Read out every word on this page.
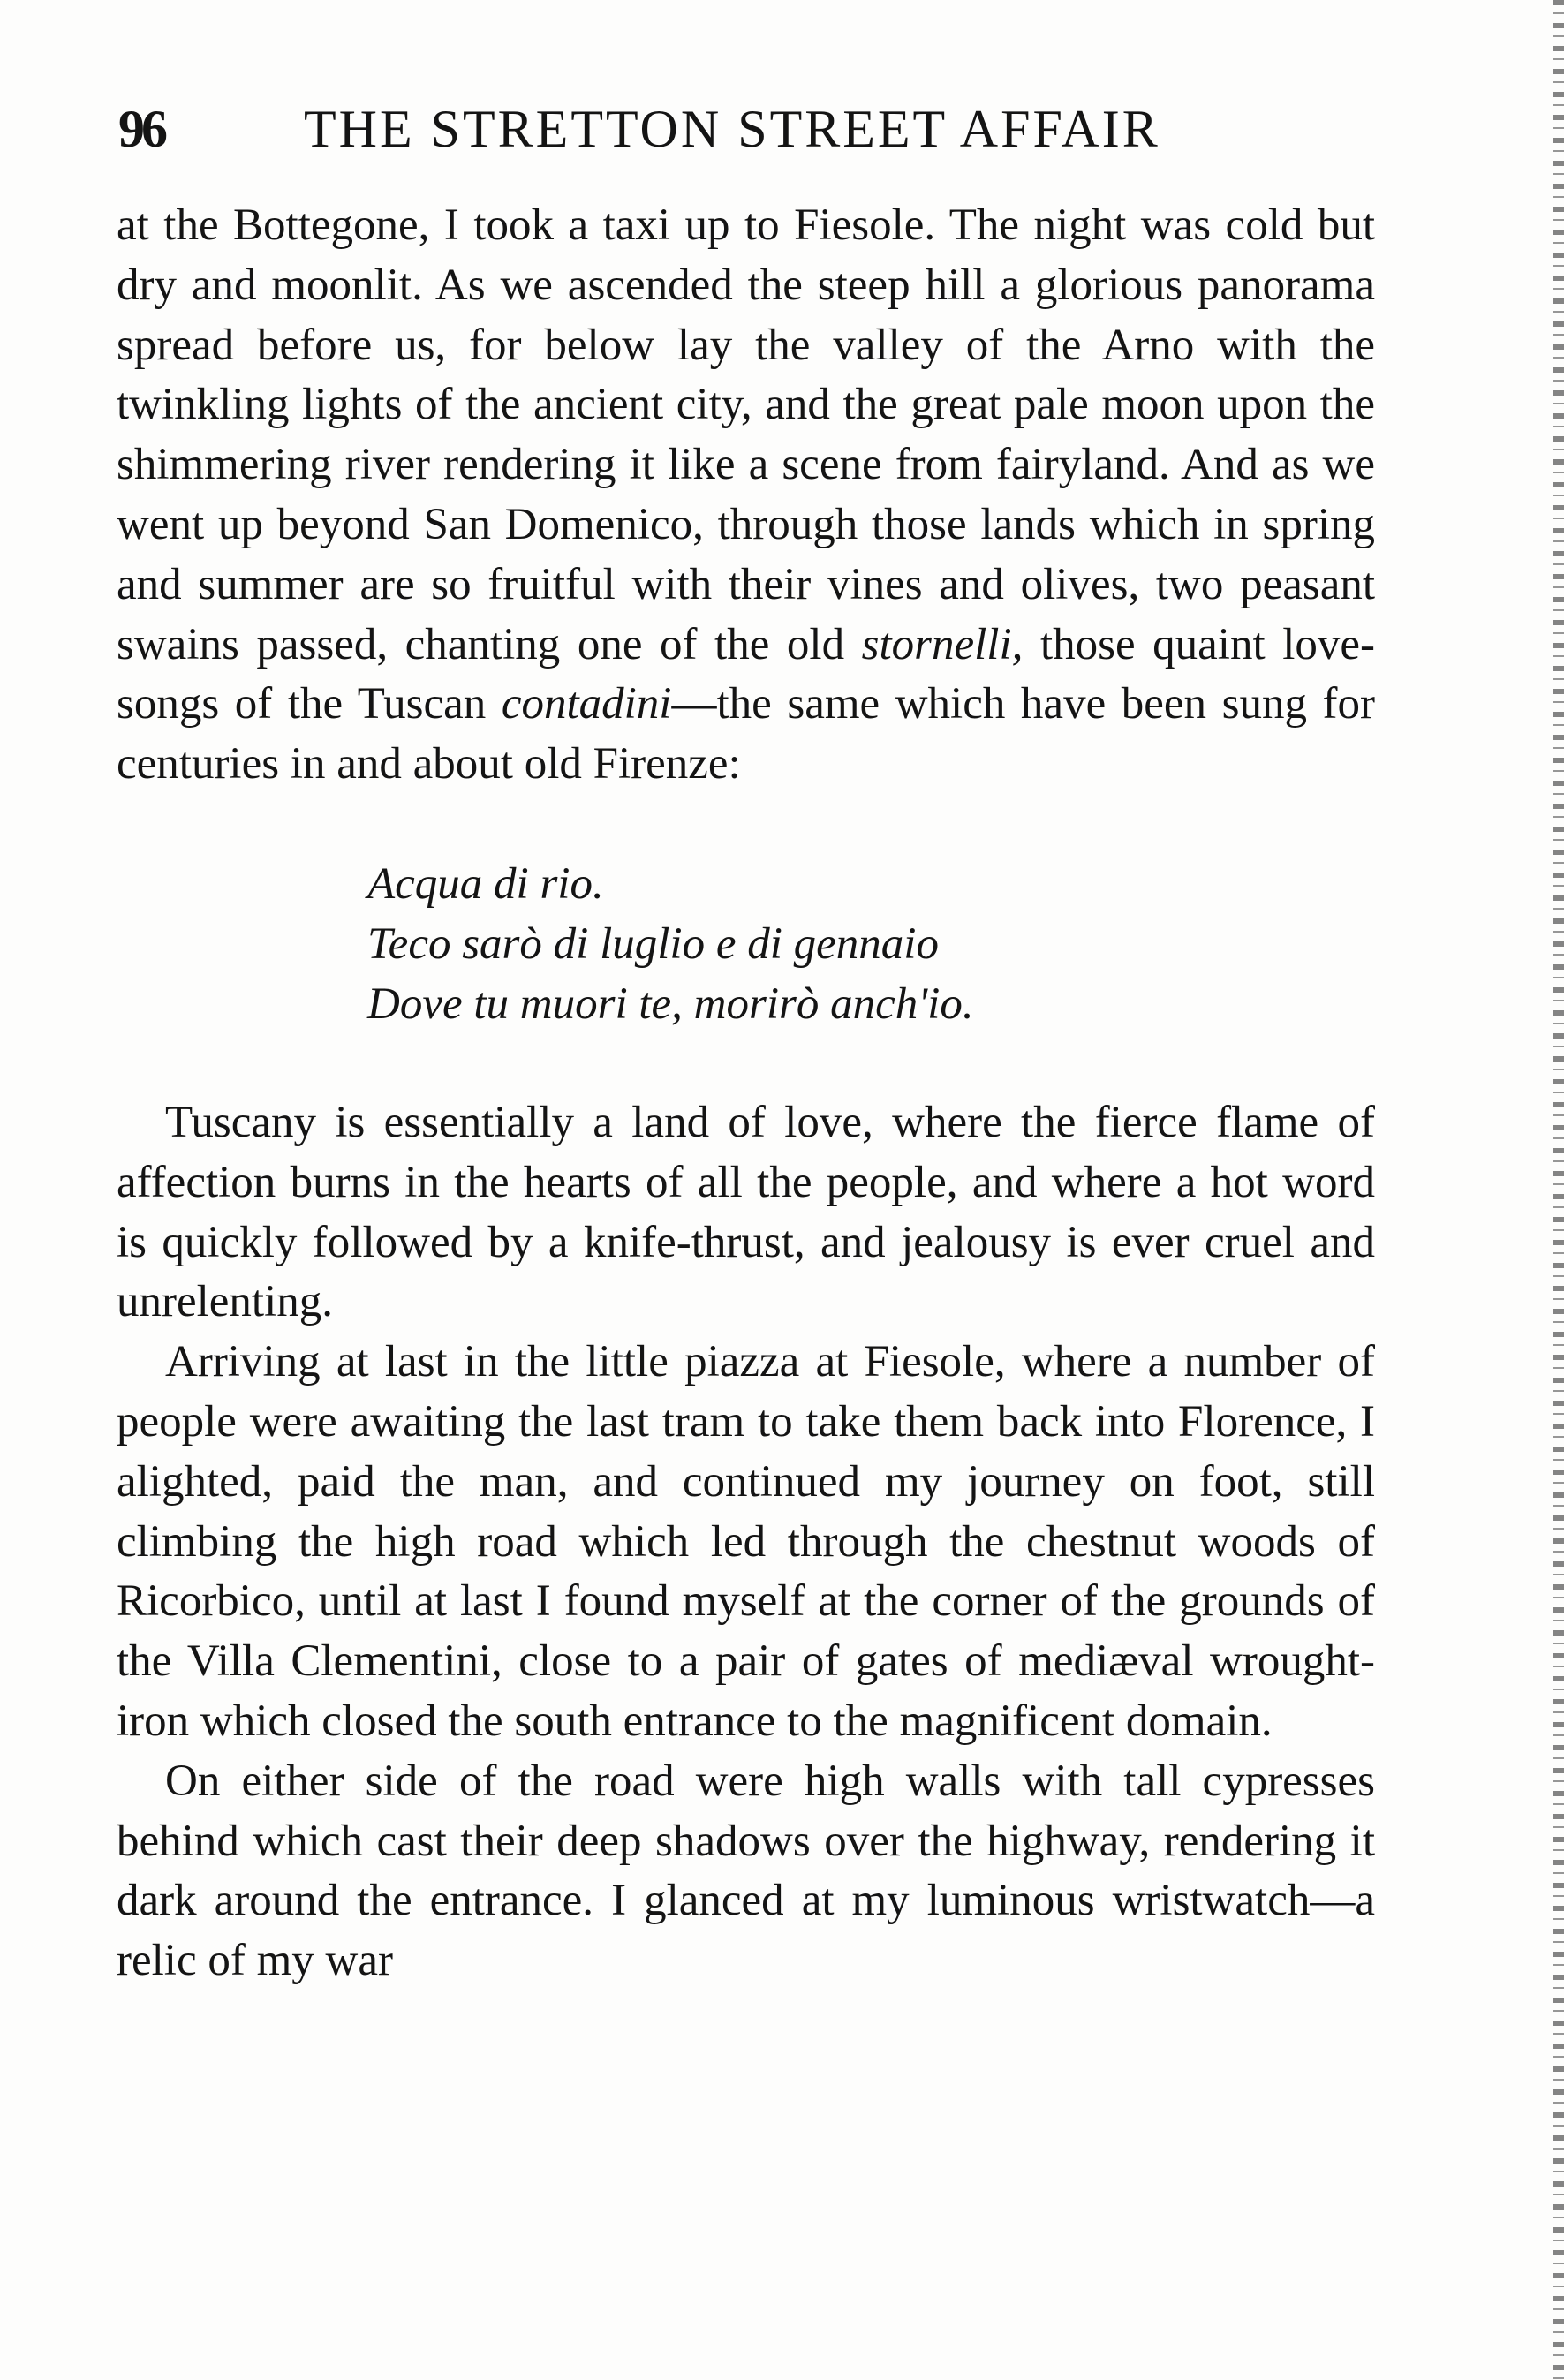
96	THE STRETTON STREET AFFAIR

at the Bottegone, I took a taxi up to Fiesole. The night was cold but dry and moonlit. As we ascended the steep hill a glorious panorama spread before us, for below lay the valley of the Arno with the twinkling lights of the ancient city, and the great pale moon upon the shimmering river rendering it like a scene from fairyland. And as we went up beyond San Domenico, through those lands which in spring and summer are so fruitful with their vines and olives, two peasant swains passed, chanting one of the old stornelli, those quaint love-songs of the Tuscan contadini—the same which have been sung for centuries in and about old Firenze:

Acqua di rio.
Teco sarò di luglio e di gennaio
Dove tu muori te, morirò anch'io.

Tuscany is essentially a land of love, where the fierce flame of affection burns in the hearts of all the people, and where a hot word is quickly followed by a knife-thrust, and jealousy is ever cruel and unrelenting.

Arriving at last in the little piazza at Fiesole, where a number of people were awaiting the last tram to take them back into Florence, I alighted, paid the man, and continued my journey on foot, still climbing the high road which led through the chestnut woods of Ricorbico, until at last I found myself at the corner of the grounds of the Villa Clementini, close to a pair of gates of mediæval wrought-iron which closed the south entrance to the magnificent domain.

On either side of the road were high walls with tall cypresses behind which cast their deep shadows over the highway, rendering it dark around the entrance. I glanced at my luminous wristwatch—a relic of my war
